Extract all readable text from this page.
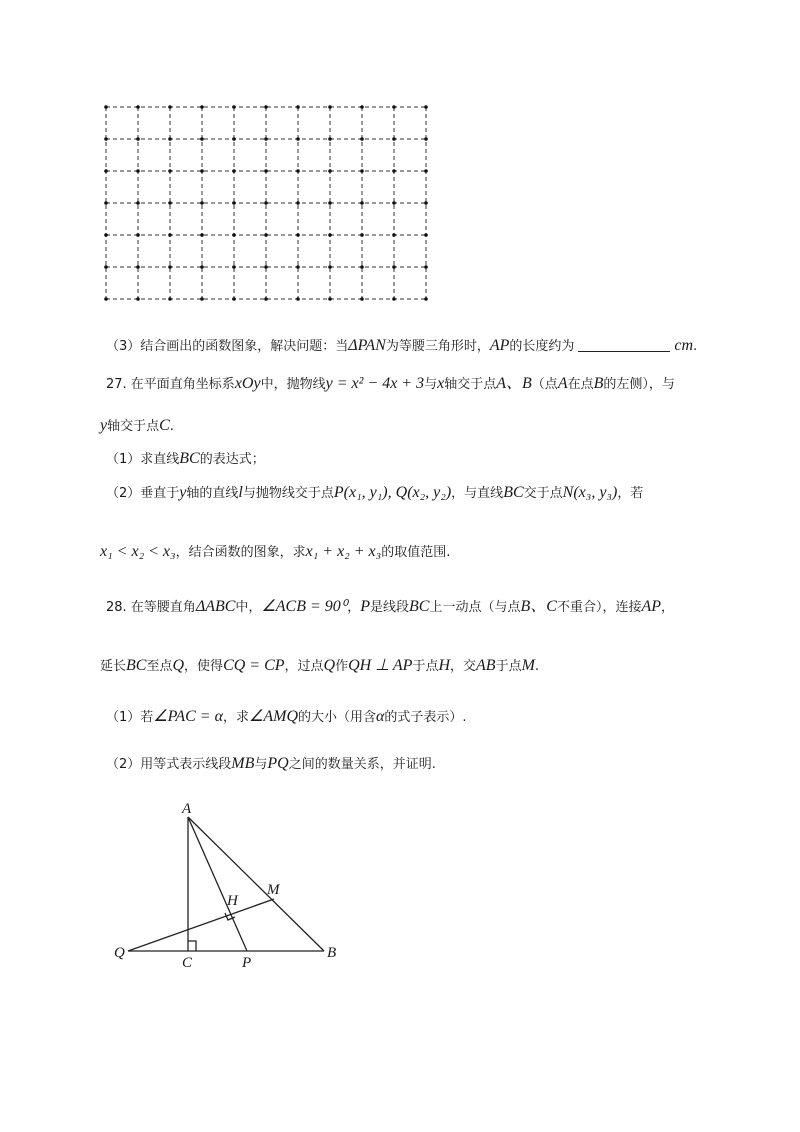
（3）结合画出的函数图象，解决问题：当ΔPAN为等腰三角形时，AP的长度约为	cm.
27. 在平面直角坐标系xOy中，抛物线y = x² − 4x + 3与x轴交于点A、B（点A在点B的左侧），与
y轴交于点C.
（1）求直线BC的表达式；
（2）垂直于y轴的直线l与抛物线交于点P(x₁, y₁), Q(x₂, y₂)，与直线BC交于点N(x₃, y₃)，若
x₁ < x₂ < x₃，结合函数的图象，求x₁ + x₂ + x₃的取值范围.
28. 在等腰直角ΔABC中，∠ACB = 90⁰，P是线段BC上一动点（与点B、C不重合），连接AP，
延长BC至点Q，使得CQ = CP，过点Q作QH ⊥ AP于点H，交AB于点M.
（1）若∠PAC = α，求∠AMQ的大小（用含α的式子表示）.
（2）用等式表示线段MB与PQ之间的数量关系，并证明.
A
H
M
Q
C	P
B
